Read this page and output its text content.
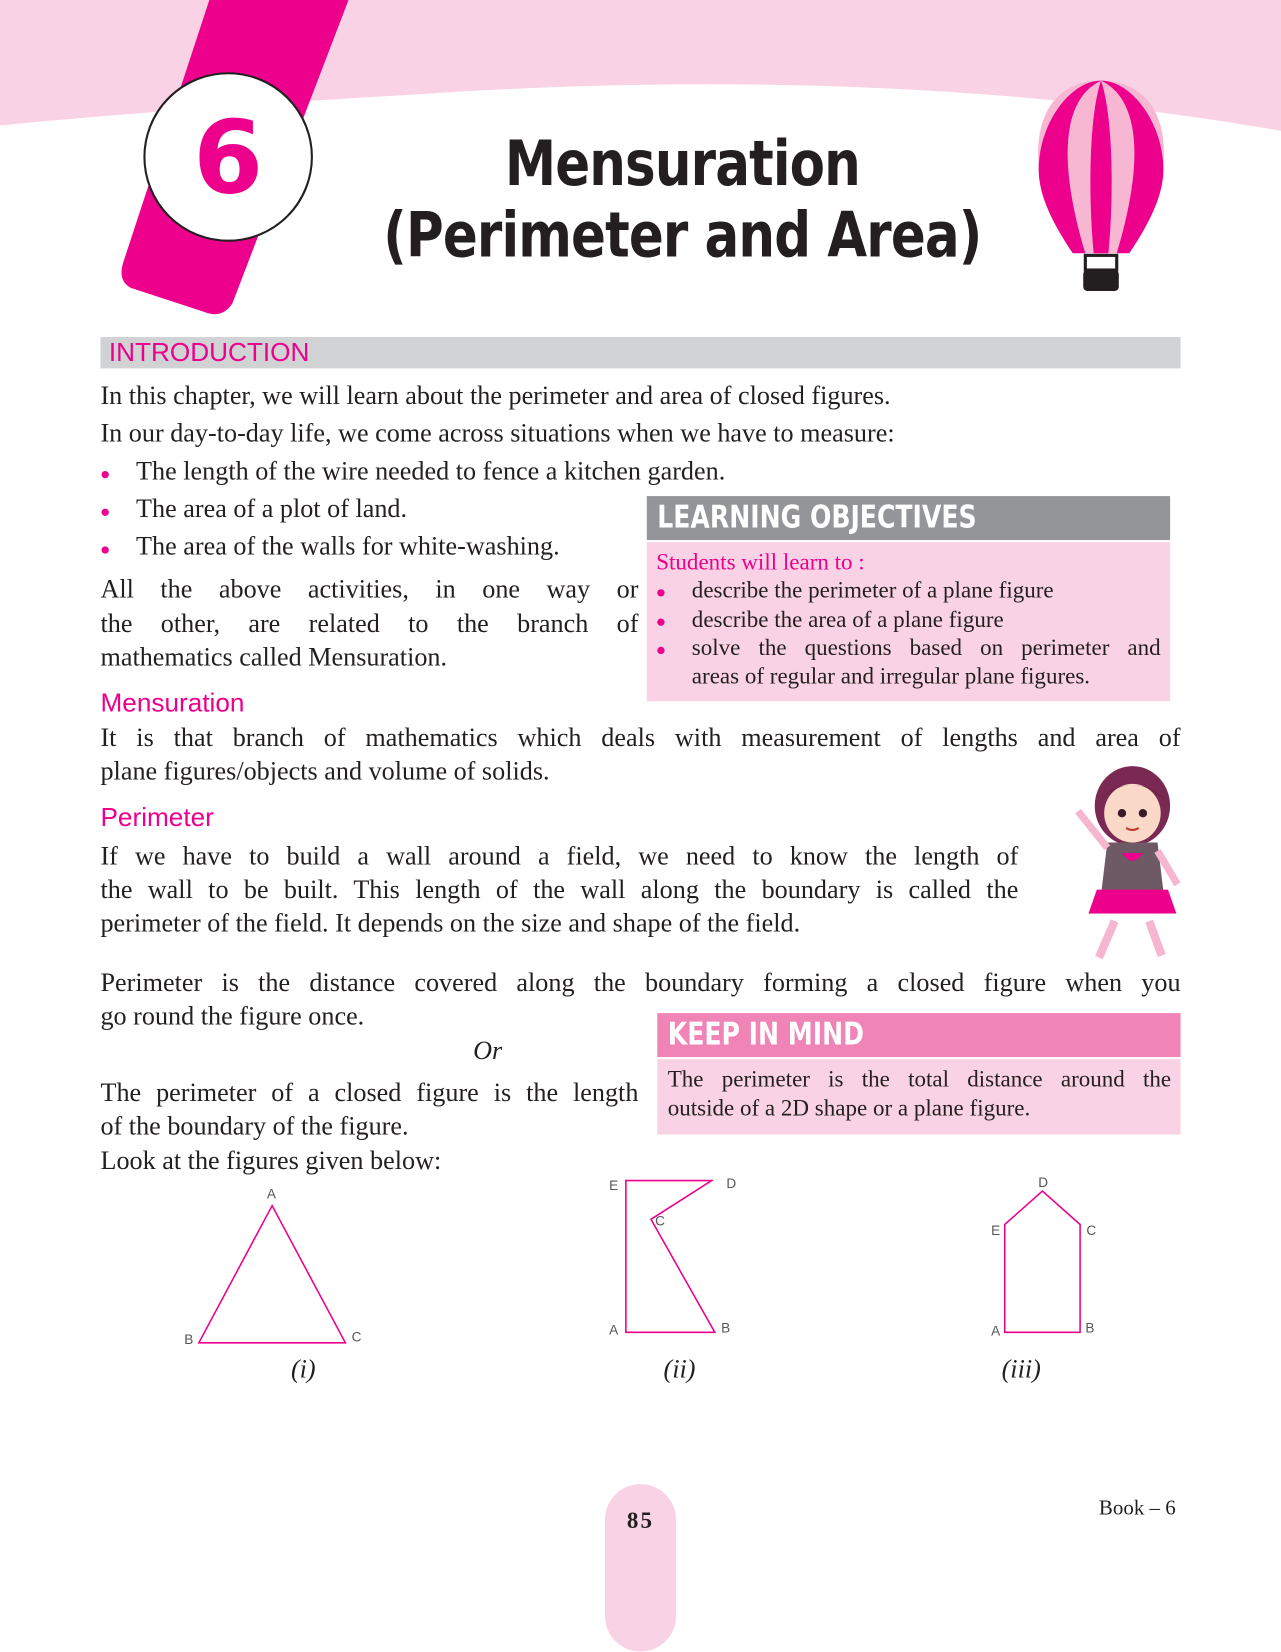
6	Mensuration
(Perimeter and Area)
INTRODUCTION
In this chapter, we will learn about the perimeter and area of closed figures.
In our day-to-day life, we come across situations when we have to measure:
The length of the wire needed to fence a kitchen garden.
The area of a plot of land.
The area of the walls for white-washing.
All the above activities, in one way or
the other, are related to the branch of
mathematics called Mensuration.
LEARNING OBJECTIVES
Students will learn to :
describe the perimeter of a plane figure
describe the area of a plane figure
solve the questions based on perimeter and
areas of regular and irregular plane figures.
Mensuration
It is that branch of mathematics which deals with measurement of lengths and area of
plane figures/objects and volume of solids.
Perimeter
If we have to build a wall around a field, we need to know the length of
the wall to be built. This length of the wall along the boundary is called the
perimeter of the field. It depends on the size and shape of the field.
Perimeter is the distance covered along the boundary forming a closed figure when you
go round the figure once.
Or
The perimeter of a closed figure is the length
of the boundary of the figure.
Look at the figures given below:
KEEP IN MIND
The perimeter is the total distance around the
outside of a 2D shape or a plane figure.
A
B	C
(i)
A	B
C
D
E
(ii)
A	B
C
D
E
(iii)
85	Book – 6
